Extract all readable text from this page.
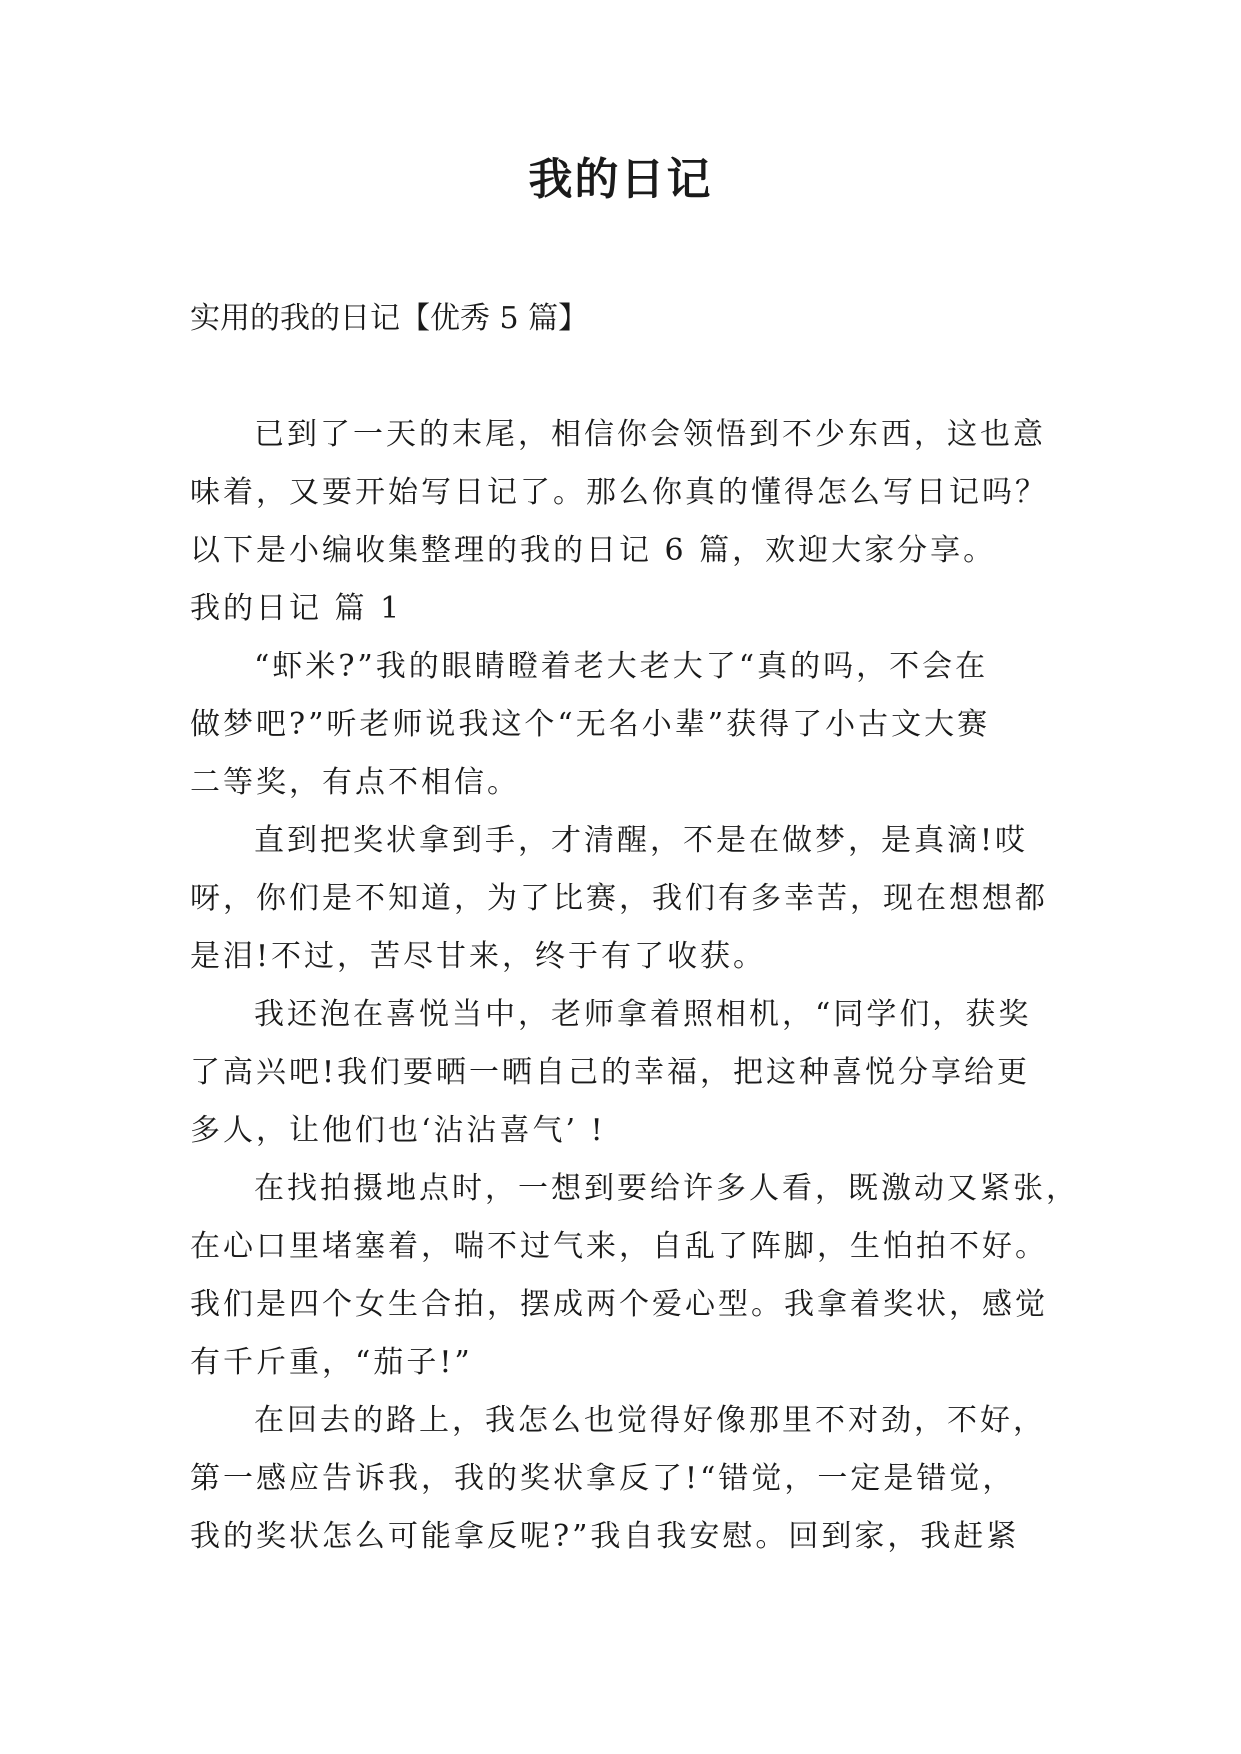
我的日记
实用的我的日记【优秀 5 篇】
已到了一天的末尾，相信你会领悟到不少东西，这也意
味着，又要开始写日记了。那么你真的懂得怎么写日记吗？
以下是小编收集整理的我的日记 6 篇，欢迎大家分享。
我的日记 篇 1
“虾米?”我的眼睛瞪着老大老大了“真的吗，不会在
做梦吧?”听老师说我这个“无名小辈”获得了小古文大赛
二等奖，有点不相信。
直到把奖状拿到手，才清醒，不是在做梦，是真滴!哎
呀，你们是不知道，为了比赛，我们有多幸苦，现在想想都
是泪!不过，苦尽甘来，终于有了收获。
我还泡在喜悦当中，老师拿着照相机，“同学们，获奖
了高兴吧!我们要晒一晒自己的幸福，把这种喜悦分享给更
多人，让他们也‘沾沾喜气’ !
在找拍摄地点时，一想到要给许多人看，既激动又紧张，
在心口里堵塞着，喘不过气来，自乱了阵脚，生怕拍不好。
我们是四个女生合拍，摆成两个爱心型。我拿着奖状，感觉
有千斤重，“茄子!”
在回去的路上，我怎么也觉得好像那里不对劲，不好，
第一感应告诉我，我的奖状拿反了!“错觉，一定是错觉，
我的奖状怎么可能拿反呢?”我自我安慰。回到家，我赶紧
